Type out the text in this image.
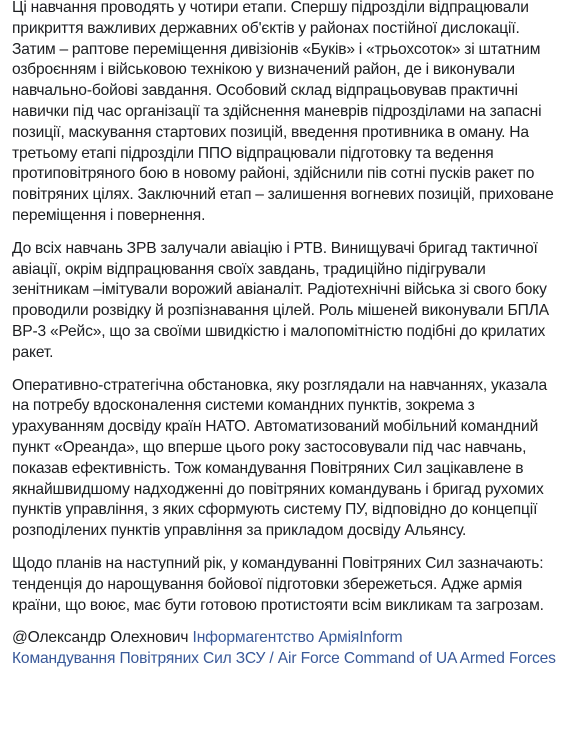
Ці навчання проводять у чотири етапи. Спершу підрозділи відпрацювали прикриття важливих державних об'єктів у районах постійної дислокації. Затим – раптове переміщення дивізіонів «Буків» і «трьохсоток» зі штатним озброєнням і військовою технікою у визначений район, де і виконували навчально-бойові завдання. Особовий склад відпрацьовував практичні навички під час організації та здійснення маневрів підрозділами на запасні позиції, маскування стартових позицій, введення противника в оману. На третьому етапі підрозділи ППО відпрацювали підготовку та ведення протиповітряного бою в новому районі, здійснили пів сотні пусків ракет по повітряних цілях. Заключний етап – залишення вогневих позицій, приховане переміщення і повернення.

До всіх навчань ЗРВ залучали авіацію і РТВ. Винищувачі бригад тактичної авіації, окрім відпрацювання своїх завдань, традиційно підігрували зенітникам –імітували ворожий авіаналіт. Радіотехнічні війська зі свого боку проводили розвідку й розпізнавання цілей. Роль мішеней виконували БПЛА ВР-3 «Рейс», що за своїми швидкістю і малопомітністю подібні до крилатих ракет.

Оперативно-стратегічна обстановка, яку розглядали на навчаннях, указала на потребу вдосконалення системи командних пунктів, зокрема з урахуванням досвіду країн НАТО. Автоматизований мобільний командний пункт «Ореанда», що вперше цього року застосовували під час навчань, показав ефективність. Тож командування Повітряних Сил зацікавлене в якнайшвидшому надходженні до повітряних командувань і бригад рухомих пунктів управління, з яких сформують систему ПУ, відповідно до концепції розподілених пунктів управління за прикладом досвіду Альянсу.

Щодо планів на наступний рік, у командуванні Повітряних Сил зазначають: тенденція до нарощування бойової підготовки збережеться. Адже армія країни, що воює, має бути готовою протистояти всім викликам та загрозам.

@Олександр Олехнович Інформагентство АрміяInform
Командування Повітряних Сил ЗСУ / Air Force Command of UA Armed Forces
